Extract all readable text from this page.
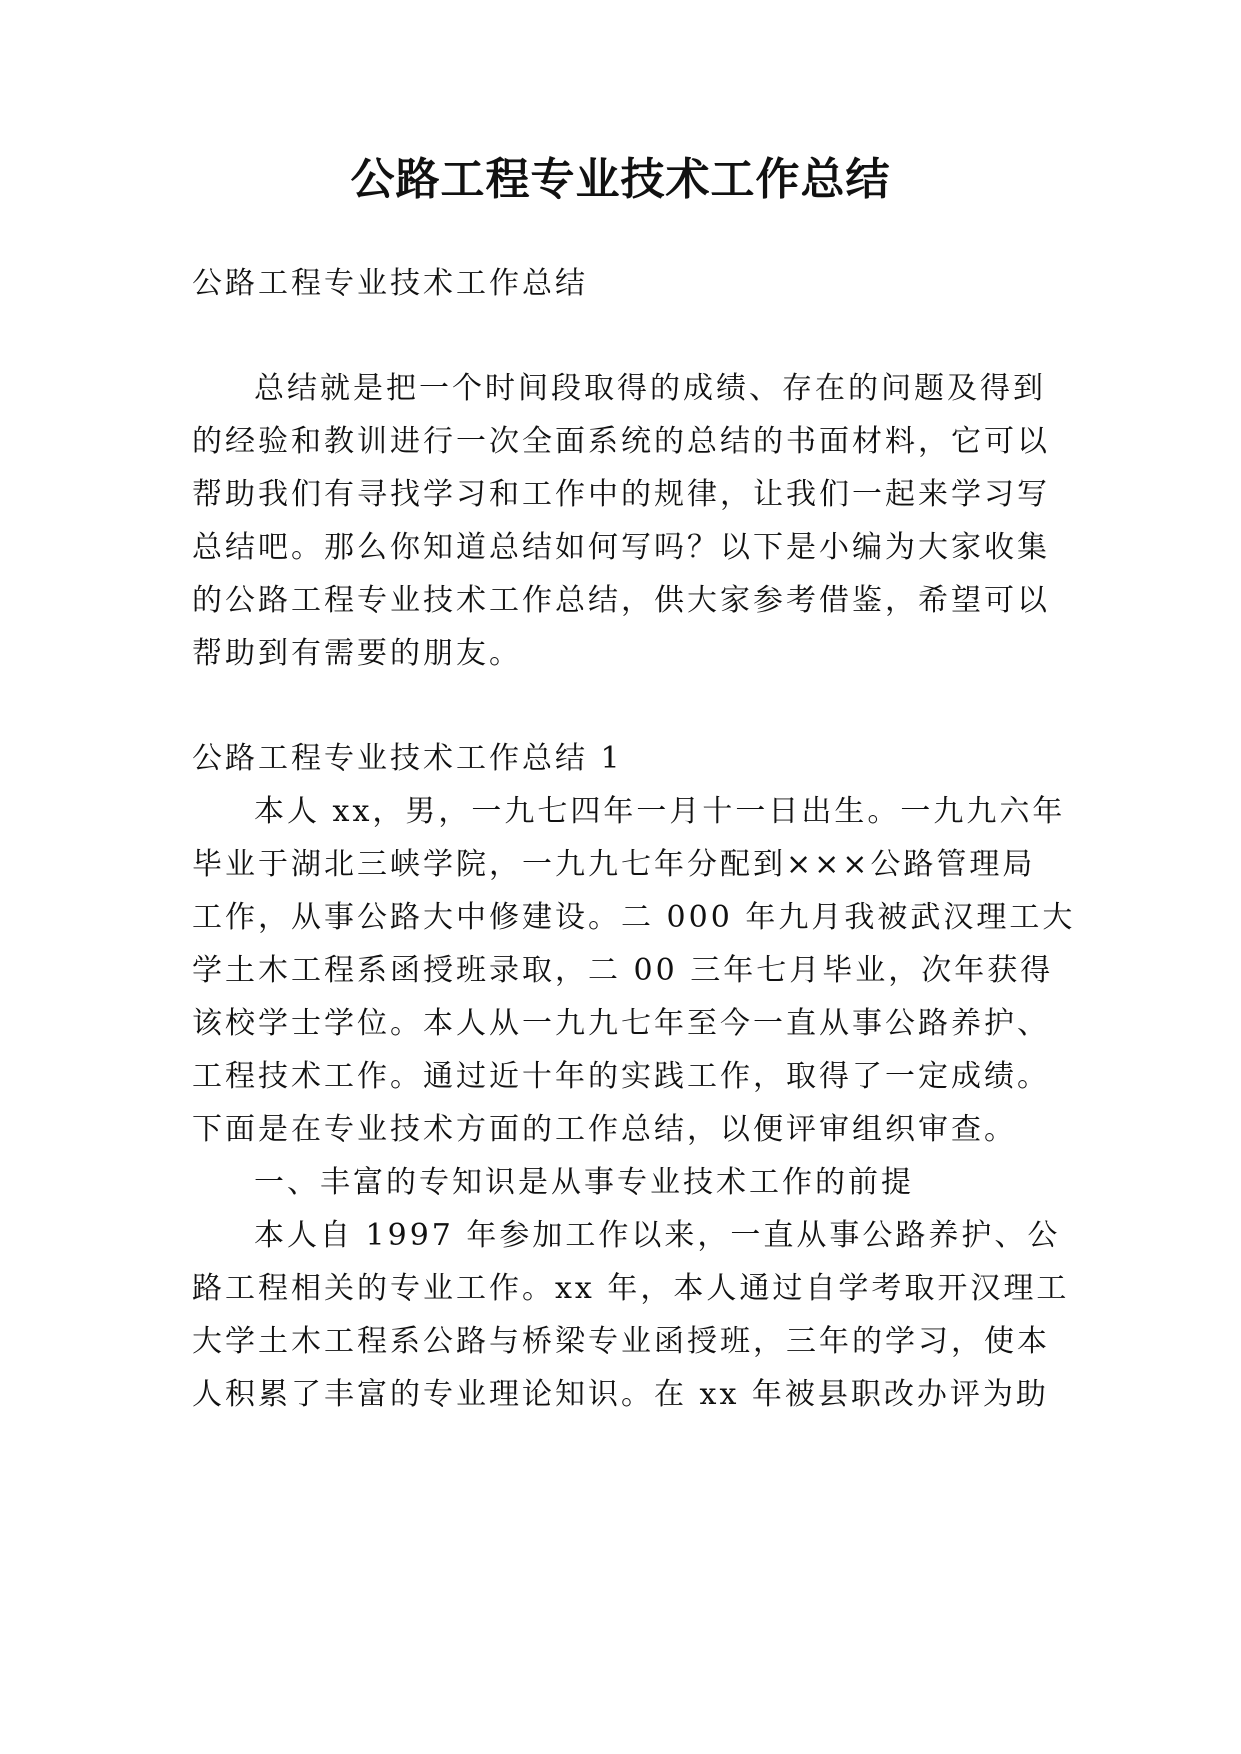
公路工程专业技术工作总结
公路工程专业技术工作总结
总结就是把一个时间段取得的成绩、存在的问题及得到
的经验和教训进行一次全面系统的总结的书面材料，它可以
帮助我们有寻找学习和工作中的规律，让我们一起来学习写
总结吧。那么你知道总结如何写吗？以下是小编为大家收集
的公路工程专业技术工作总结，供大家参考借鉴，希望可以
帮助到有需要的朋友。
公路工程专业技术工作总结 1
本人 xx，男，一九七四年一月十一日出生。一九九六年
毕业于湖北三峡学院，一九九七年分配到×××公路管理局
工作，从事公路大中修建设。二 000 年九月我被武汉理工大
学土木工程系函授班录取，二 00 三年七月毕业，次年获得
该校学士学位。本人从一九九七年至今一直从事公路养护、
工程技术工作。通过近十年的实践工作，取得了一定成绩。
下面是在专业技术方面的工作总结，以便评审组织审查。
一、丰富的专知识是从事专业技术工作的前提
本人自 1997 年参加工作以来，一直从事公路养护、公
路工程相关的专业工作。xx 年，本人通过自学考取开汉理工
大学土木工程系公路与桥梁专业函授班，三年的学习，使本
人积累了丰富的专业理论知识。在 xx 年被县职改办评为助
